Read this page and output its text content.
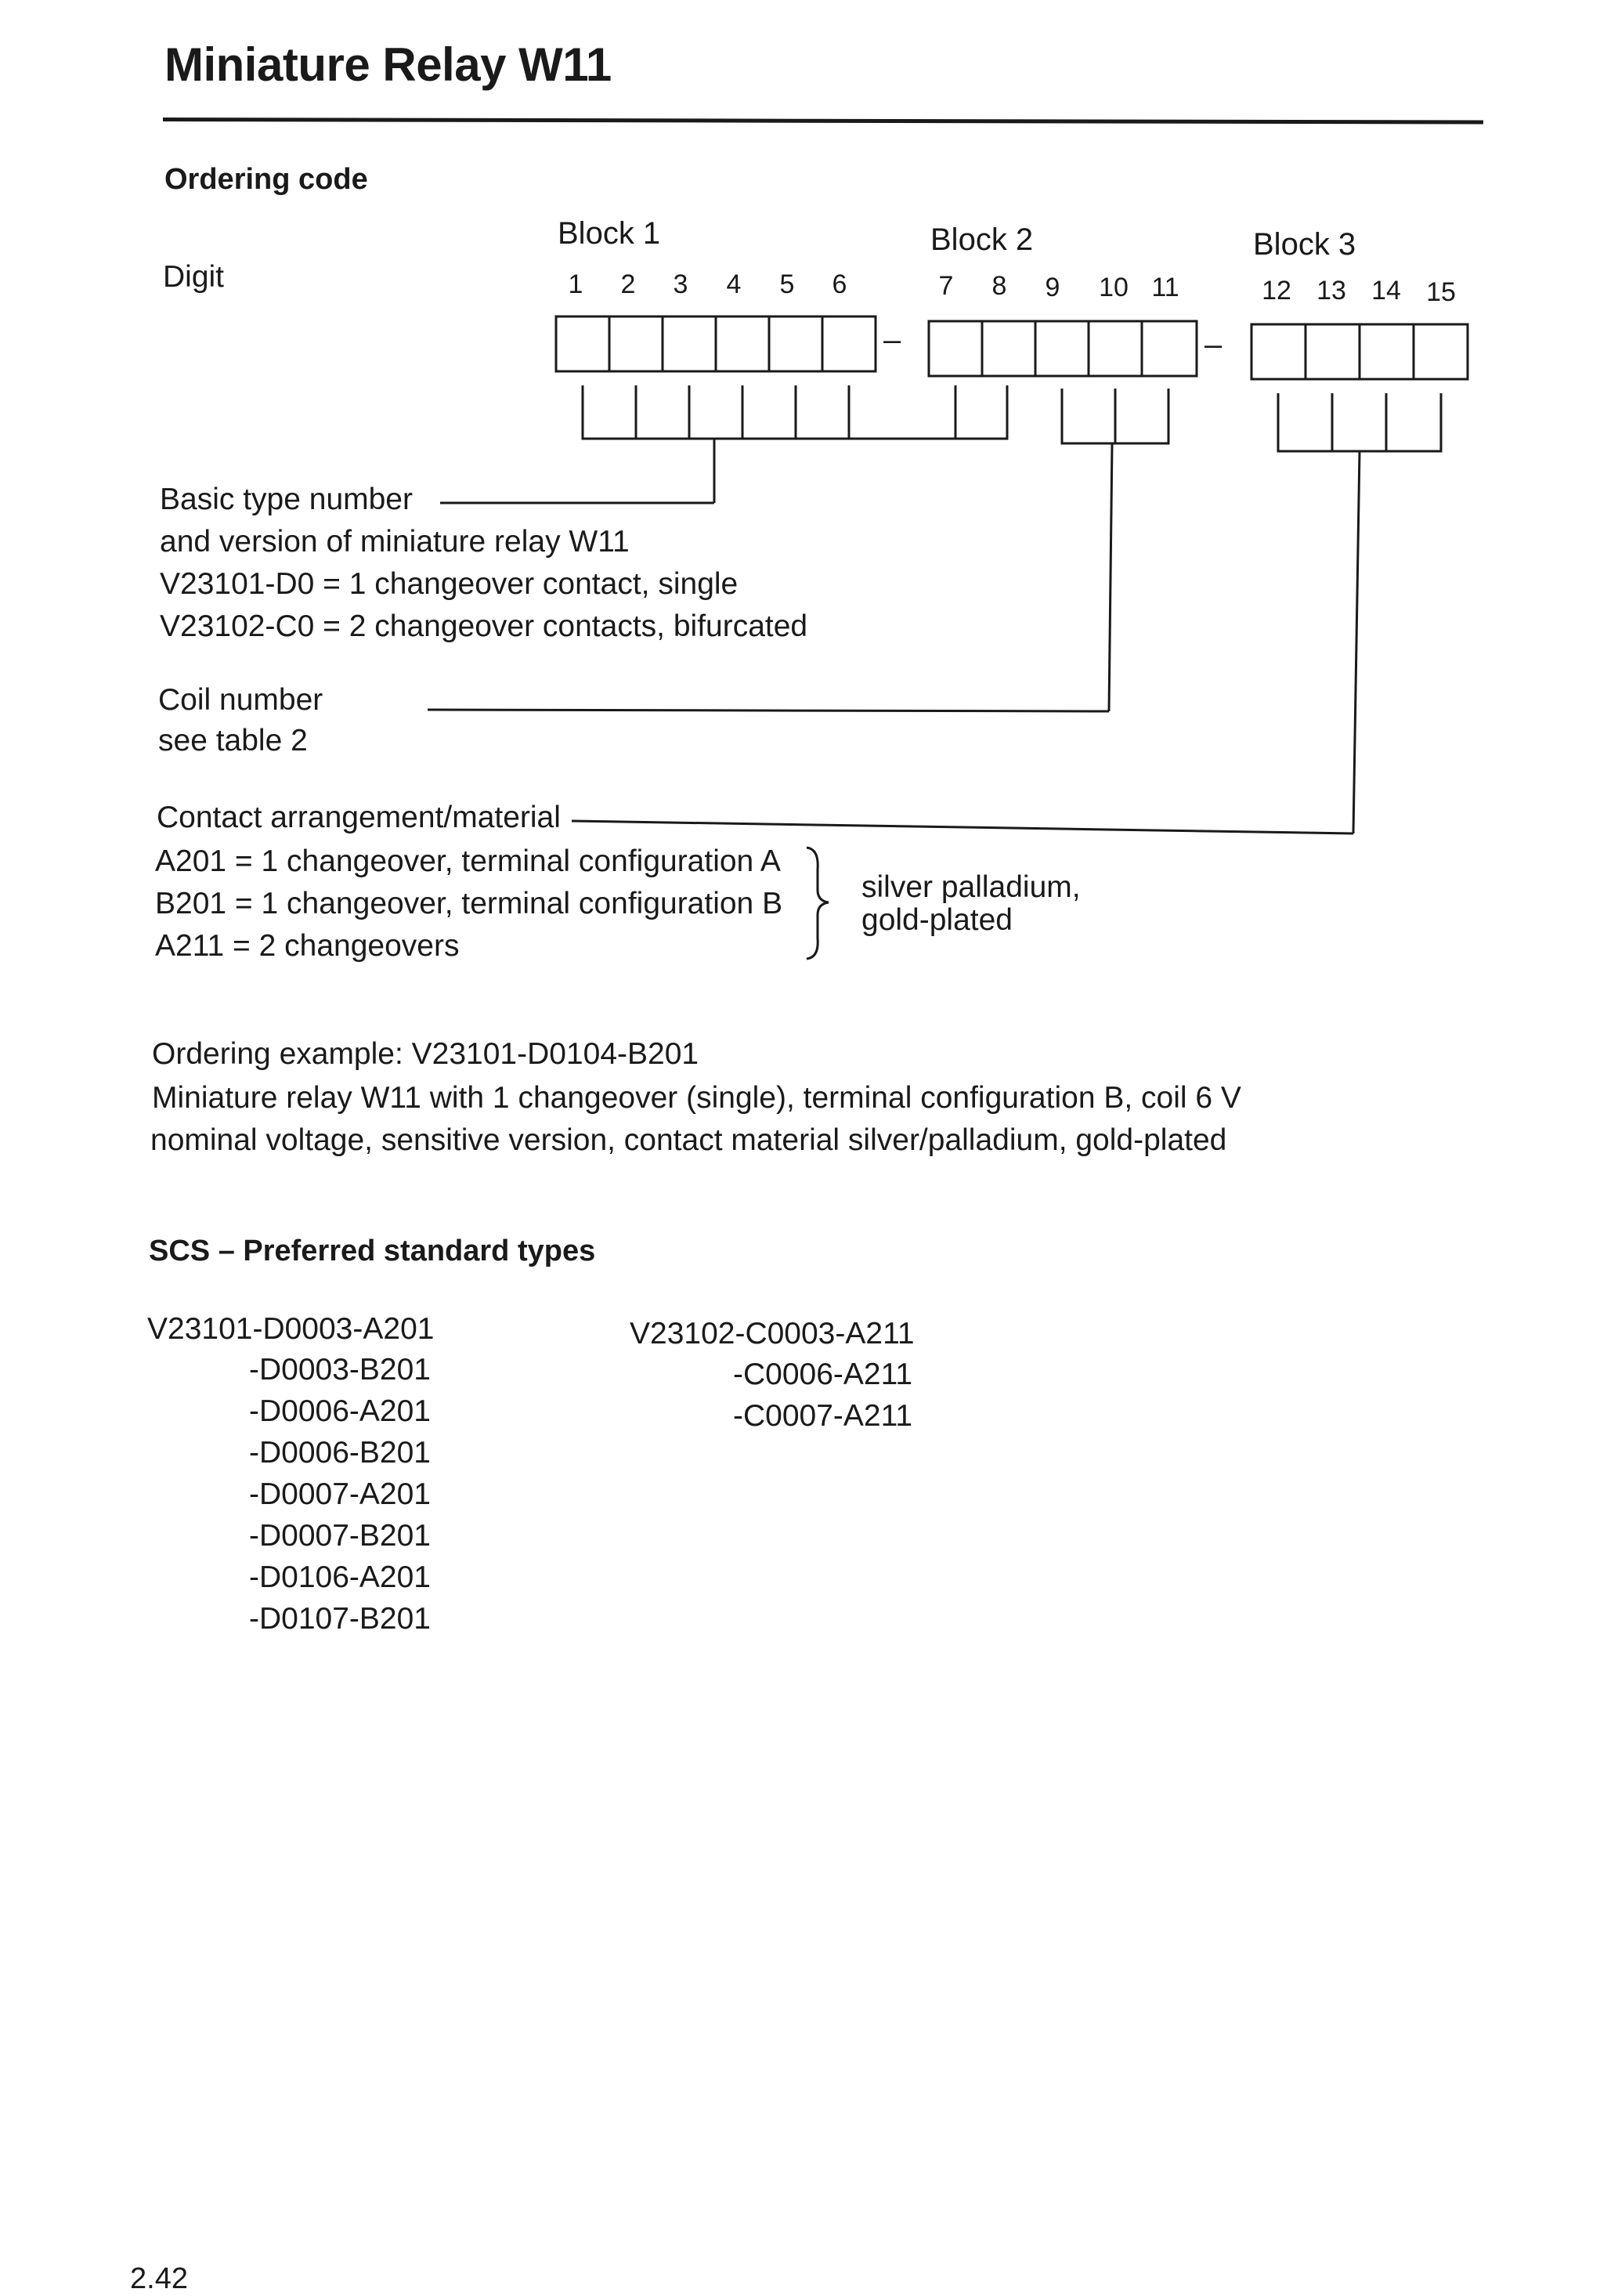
Miniature Relay W11
Ordering code
Digit
Block 1	Block 2	Block 3
1	2	3	4	5	6	7	8	9	10 11	12 13 14 15
–	–
Basic type number
and version of miniature relay W11
V23101-D0 = 1 changeover contact, single
V23102-C0 = 2 changeover contacts, bifurcated
Coil number
see table 2
Contact arrangement/material
A201 = 1 changeover, terminal configuration A
B201 = 1 changeover, terminal configuration B
A211 = 2 changeovers
silver palladium,
gold-plated
Ordering example: V23101-D0104-B201
Miniature relay W11 with 1 changeover (single), terminal configuration B, coil 6 V
nominal voltage, sensitive version, contact material silver/palladium, gold-plated
SCS – Preferred standard types
V23101-D0003-A201
-D0003-B201
-D0006-A201
-D0006-B201
-D0007-A201
-D0007-B201
-D0106-A201
-D0107-B201
V23102-C0003-A211
-C0006-A211
-C0007-A211
2.42
